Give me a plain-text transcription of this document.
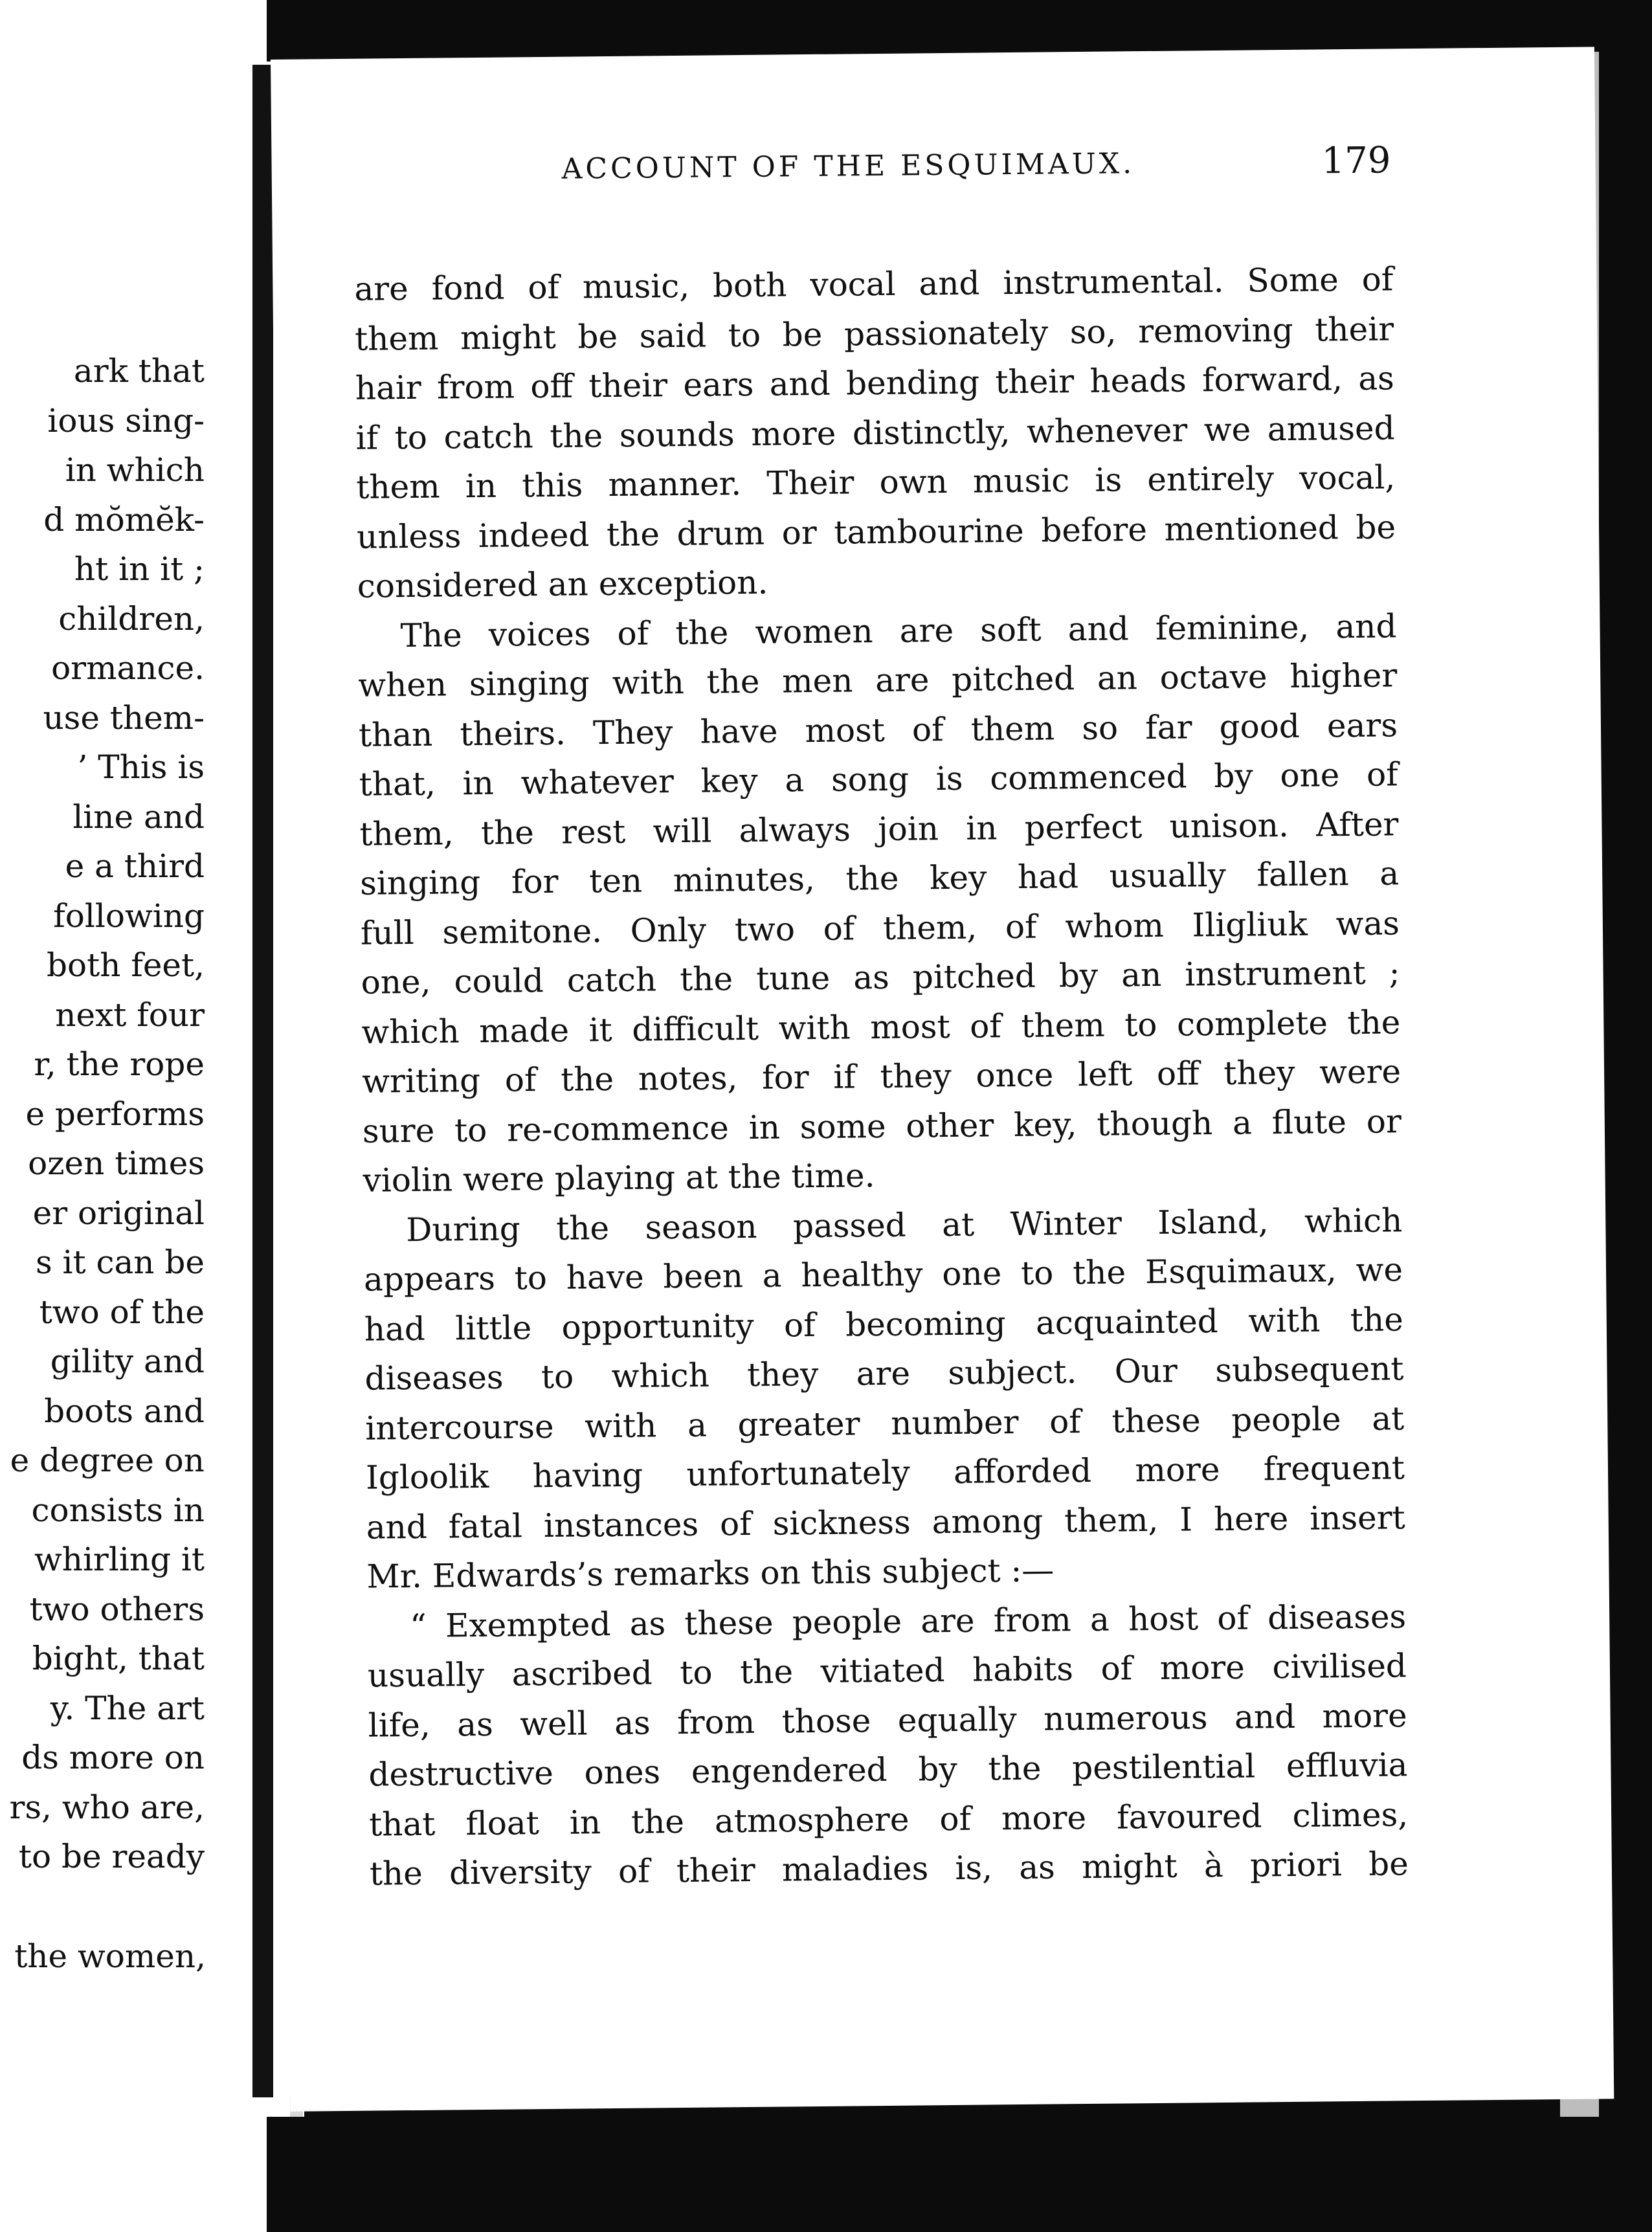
ark that
ious sing-
in which
d mŏmĕk-
ht in it ;
children,
ormance.
use them-
’ This is
line and
e a third
following
both feet,
next four
r, the rope
e performs
ozen times
er original
s it can be
two of the
gility and
boots and
e degree on
consists in
whirling it
two others
bight, that
y. The art
ds more on
rs, who are,
to be ready
the women,
ACCOUNT OF THE ESQUIMAUX.	179
are fond of music, both vocal and instrumental. Some of
them might be said to be passionately so, removing their
hair from off their ears and bending their heads forward, as
if to catch the sounds more distinctly, whenever we amused
them in this manner. Their own music is entirely vocal,
unless indeed the drum or tambourine before mentioned be
considered an exception.
The voices of the women are soft and feminine, and
when singing with the men are pitched an octave higher
than theirs. They have most of them so far good ears
that, in whatever key a song is commenced by one of
them, the rest will always join in perfect unison. After
singing for ten minutes, the key had usually fallen a
full semitone. Only two of them, of whom Iligliuk was
one, could catch the tune as pitched by an instrument ;
which made it difficult with most of them to complete the
writing of the notes, for if they once left off they were
sure to re-commence in some other key, though a flute or
violin were playing at the time.
During the season passed at Winter Island, which
appears to have been a healthy one to the Esquimaux, we
had little opportunity of becoming acquainted with the
diseases to which they are subject. Our subsequent
intercourse with a greater number of these people at
Igloolik having unfortunately afforded more frequent
and fatal instances of sickness among them, I here insert
Mr. Edwards’s remarks on this subject :—
“ Exempted as these people are from a host of diseases
usually ascribed to the vitiated habits of more civilised
life, as well as from those equally numerous and more
destructive ones engendered by the pestilential effluvia
that float in the atmosphere of more favoured climes,
the diversity of their maladies is, as might à priori be
